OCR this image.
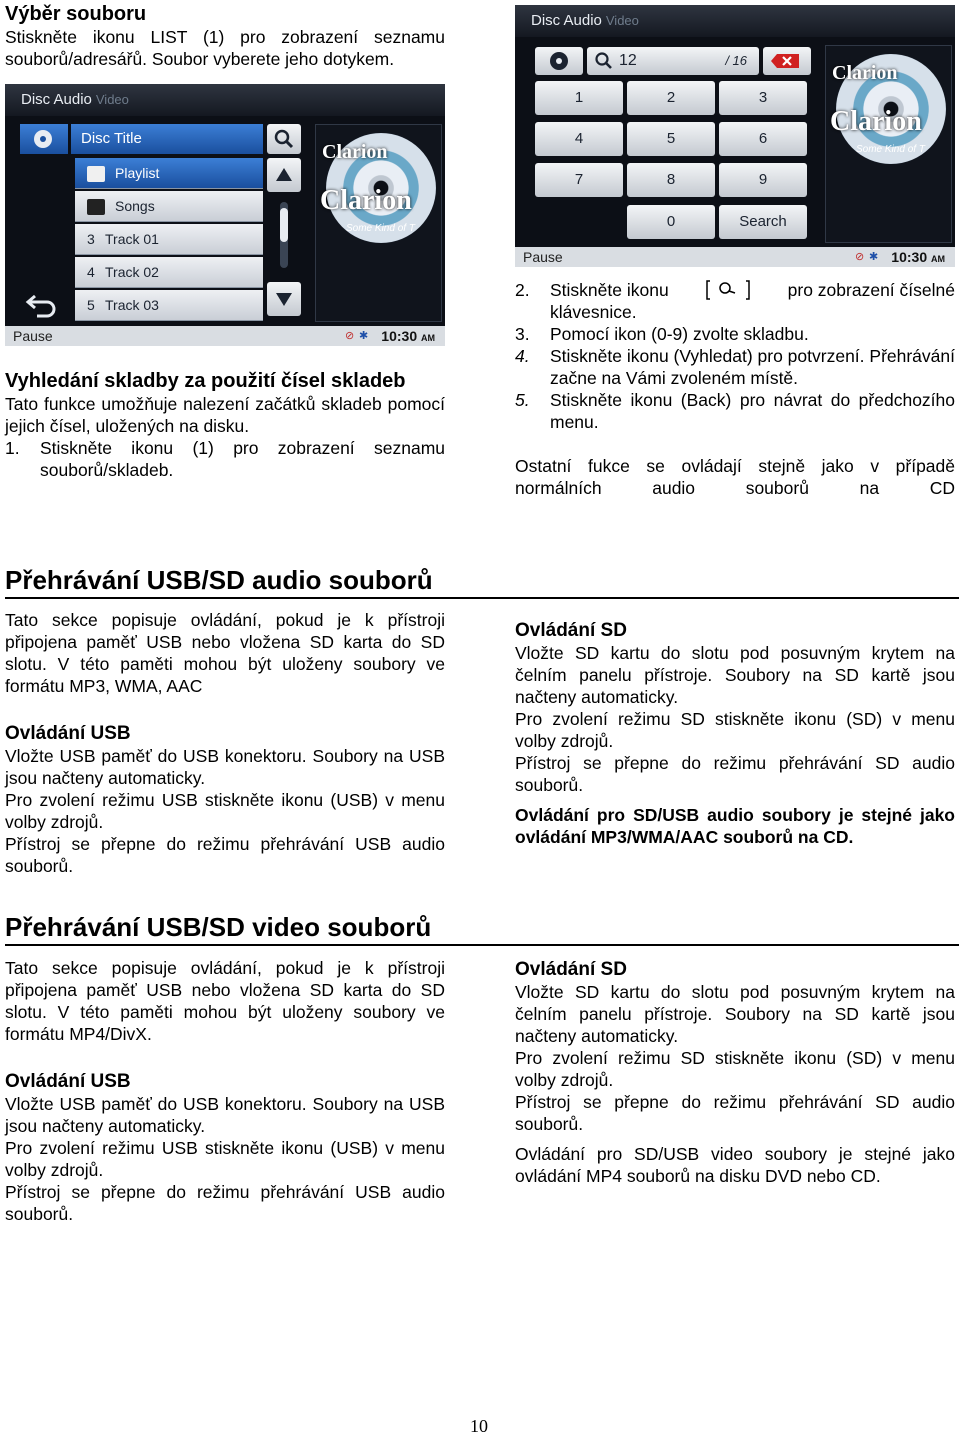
Výběr souboru
Stiskněte ikonu LIST (1) pro zobrazení seznamu
souborů/adresářů. Soubor vyberete jeho dotykem.
Disc Audio Video
Disc Title
Playlist
Songs
3 Track 01
4 Track 02
5 Track 03
Clarion
Clarion
Some Kind of T
Pause	⊘ ✱ 10:30 AM
Disc Audio Video
12	/ 16
1	2	3
4	5	6
7	8	9
0	Search
Clarion
Clarion
Some Kind of T
Pause	⊘ ✱ 10:30 AM
Vyhledání skladby za použití čísel skladeb

Tato funkce umožňuje nalezení začátků skladeb pomocí jejich čísel, uložených na disku.

1. Stiskněte ikonu (1) pro zobrazení seznamu souborů/skladeb.
2. Stiskněte ikonu	pro zobrazení číselné
klávesnice.
3. Pomocí ikon (0-9) zvolte skladbu.
4. Stiskněte ikonu (Vyhledat) pro potvrzení. Přehrávání začne na Vámi zvoleném místě.
5. Stiskněte ikonu (Back) pro návrat do předchozího menu.
Ostatní fukce se ovládají stejně jako v případě
normálních audio souborů na CD
Přehrávání USB/SD audio souborů

Tato sekce popisuje ovládání, pokud je k přístroji připojena paměť USB nebo vložena SD karta do SD slotu. V této paměti mohou být uloženy soubory ve formátu MP3, WMA, AAC

Ovládání USB

Vložte USB paměť do USB konektoru. Soubory na USB jsou načteny automaticky.

Pro zvolení režimu USB stiskněte ikonu (USB) v menu volby zdrojů.

Přístroj se přepne do režimu přehrávání USB audio souborů.

Ovládání SD

Vložte SD kartu do slotu pod posuvným krytem na čelním panelu přístroje. Soubory na SD kartě jsou načteny automaticky.

Pro zvolení režimu SD stiskněte ikonu (SD) v menu volby zdrojů.

Přístroj se přepne do režimu přehrávání SD audio souborů.

Ovládání pro SD/USB audio soubory je stejné jako ovládání MP3/WMA/AAC souborů na CD.

Přehrávání USB/SD video souborů

Tato sekce popisuje ovládání, pokud je k přístroji připojena paměť USB nebo vložena SD karta do SD slotu. V této paměti mohou být uloženy soubory ve formátu MP4/DivX.

Ovládání USB

Vložte USB paměť do USB konektoru. Soubory na USB jsou načteny automaticky.

Pro zvolení režimu USB stiskněte ikonu (USB) v menu volby zdrojů.

Přístroj se přepne do režimu přehrávání USB audio souborů.

Ovládání SD

Vložte SD kartu do slotu pod posuvným krytem na čelním panelu přístroje. Soubory na SD kartě jsou načteny automaticky.

Pro zvolení režimu SD stiskněte ikonu (SD) v menu volby zdrojů.

Přístroj se přepne do režimu přehrávání SD audio souborů.

Ovládání pro SD/USB video soubory je stejné jako ovládání MP4 souborů na disku DVD nebo CD.

10
